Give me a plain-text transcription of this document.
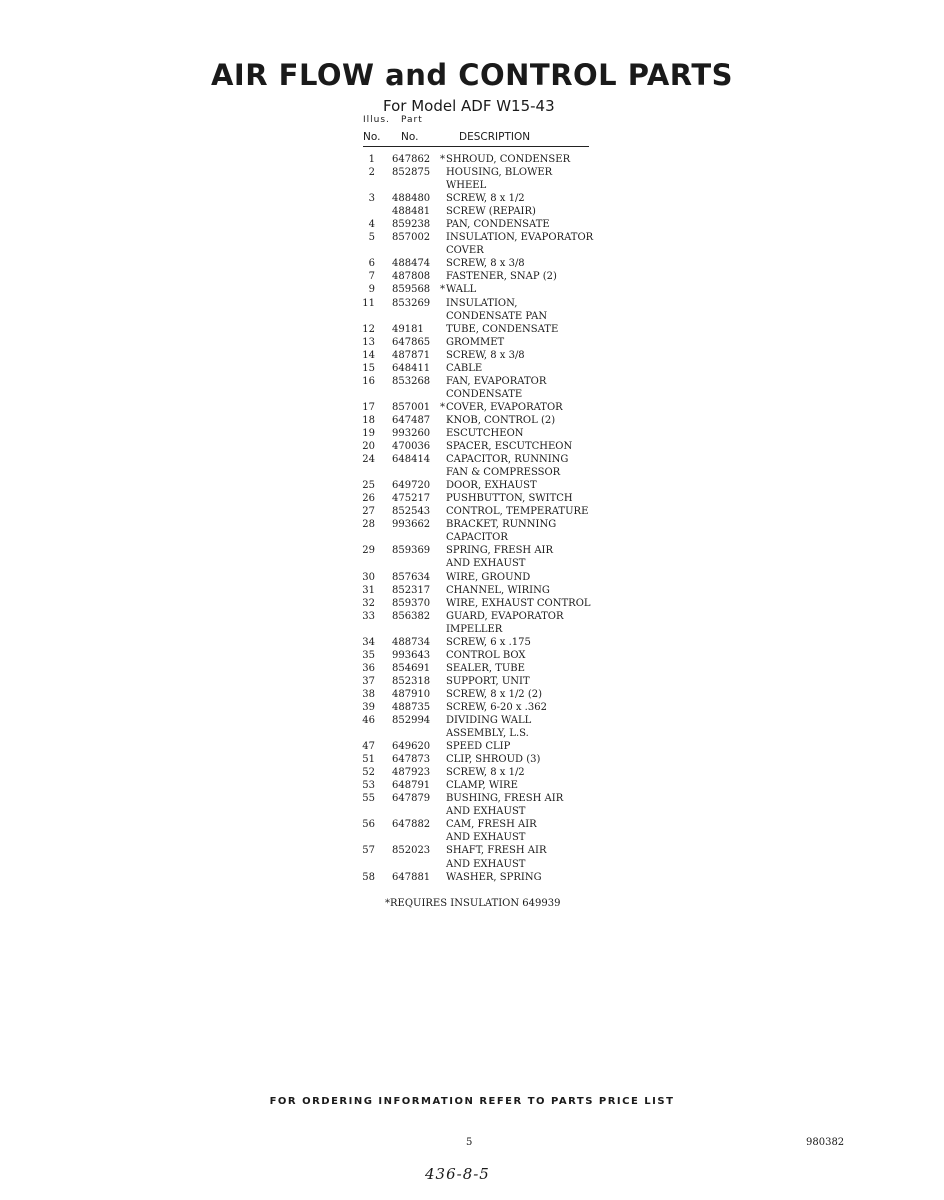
AIR FLOW and CONTROL PARTS
For Model ADF W15-43
Illus. Part
No. No.	DESCRIPTION
1	647862 * SHROUD, CONDENSER
2	852875	HOUSING, BLOWER
WHEEL
3	488480	SCREW, 8 x 1/2
488481	SCREW (REPAIR)
4	859238	PAN, CONDENSATE
5	857002	INSULATION, EVAPORATOR
COVER
6	488474	SCREW, 8 x 3/8
7	487808	FASTENER, SNAP (2)
9	859568 * WALL
11	853269	INSULATION,
CONDENSATE PAN
12	49181	TUBE, CONDENSATE
13	647865	GROMMET
14	487871	SCREW, 8 x 3/8
15	648411	CABLE
16	853268	FAN, EVAPORATOR
CONDENSATE
17	857001 * COVER, EVAPORATOR
18	647487	KNOB, CONTROL (2)
19	993260	ESCUTCHEON
20	470036	SPACER, ESCUTCHEON
24	648414	CAPACITOR, RUNNING
FAN & COMPRESSOR
25	649720	DOOR, EXHAUST
26	475217	PUSHBUTTON, SWITCH
27	852543	CONTROL, TEMPERATURE
28	993662	BRACKET, RUNNING
CAPACITOR
29	859369	SPRING, FRESH AIR
AND EXHAUST
30	857634	WIRE, GROUND
31	852317	CHANNEL, WIRING
32	859370	WIRE, EXHAUST CONTROL
33	856382	GUARD, EVAPORATOR
IMPELLER
34	488734	SCREW, 6 x .175
35	993643	CONTROL BOX
36	854691	SEALER, TUBE
37	852318	SUPPORT, UNIT
38	487910	SCREW, 8 x 1/2 (2)
39	488735	SCREW, 6-20 x .362
46	852994	DIVIDING WALL
ASSEMBLY, L.S.
47	649620	SPEED CLIP
51	647873	CLIP, SHROUD (3)
52	487923	SCREW, 8 x 1/2
53	648791	CLAMP, WIRE
55	647879	BUSHING, FRESH AIR
AND EXHAUST
56	647882	CAM, FRESH AIR
AND EXHAUST
57	852023	SHAFT, FRESH AIR
AND EXHAUST
58	647881	WASHER, SPRING
*REQUIRES INSULATION 649939
FOR ORDERING INFORMATION REFER TO PARTS PRICE LIST
5	980382
436-8-5
